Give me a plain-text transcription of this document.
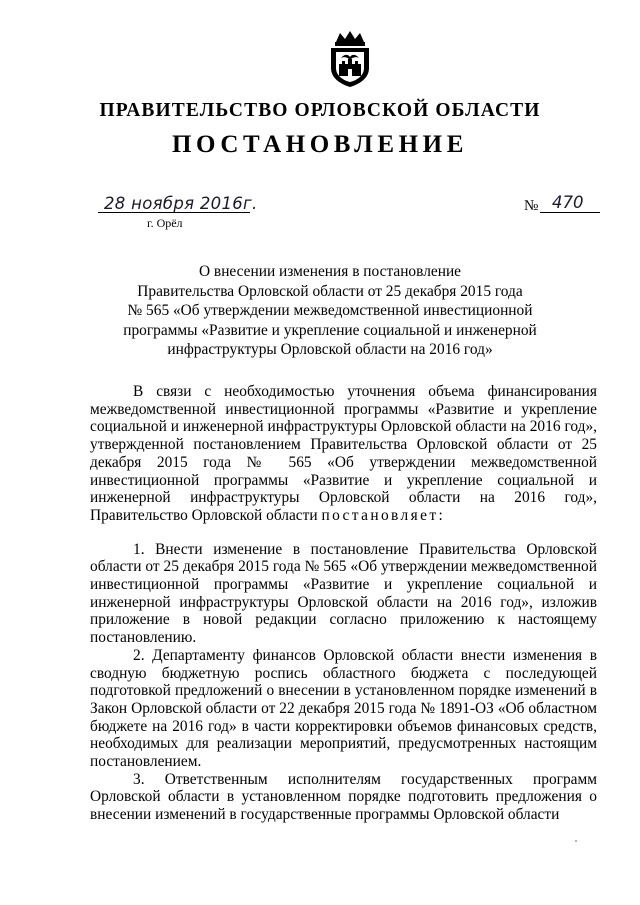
ПРАВИТЕЛЬСТВО ОРЛОВСКОЙ ОБЛАСТИ
ПОСТАНОВЛЕНИЕ
28 ноября 2016г.
г. Орёл
№ 470
О внесении изменения в постановление
Правительства Орловской области от 25 декабря 2015 года
№ 565 «Об утверждении межведомственной инвестиционной
программы «Развитие и укрепление социальной и инженерной
инфраструктуры Орловской области на 2016 год»

В связи с необходимостью уточнения объема финансирования межведомственной инвестиционной программы «Развитие и укрепление социальной и инженерной инфраструктуры Орловской области на 2016 год», утвержденной постановлением Правительства Орловской области от 25 декабря 2015 года № 565 «Об утверждении межведомственной инвестиционной программы «Развитие и укрепление социальной и инженерной инфраструктуры Орловской области на 2016 год», Правительство Орловской области постановляет:

1. Внести изменение в постановление Правительства Орловской области от 25 декабря 2015 года № 565 «Об утверждении межведомственной инвестиционной программы «Развитие и укрепление социальной и инженерной инфраструктуры Орловской области на 2016 год», изложив приложение в новой редакции согласно приложению к настоящему постановлению.

2. Департаменту финансов Орловской области внести изменения в сводную бюджетную роспись областного бюджета с последующей подготовкой предложений о внесении в установленном порядке изменений в Закон Орловской области от 22 декабря 2015 года № 1891-ОЗ «Об областном бюджете на 2016 год» в части корректировки объемов финансовых средств, необходимых для реализации мероприятий, предусмотренных настоящим постановлением.

3. Ответственным исполнителям государственных программ Орловской области в установленном порядке подготовить предложения о внесении изменений в государственные программы Орловской области
